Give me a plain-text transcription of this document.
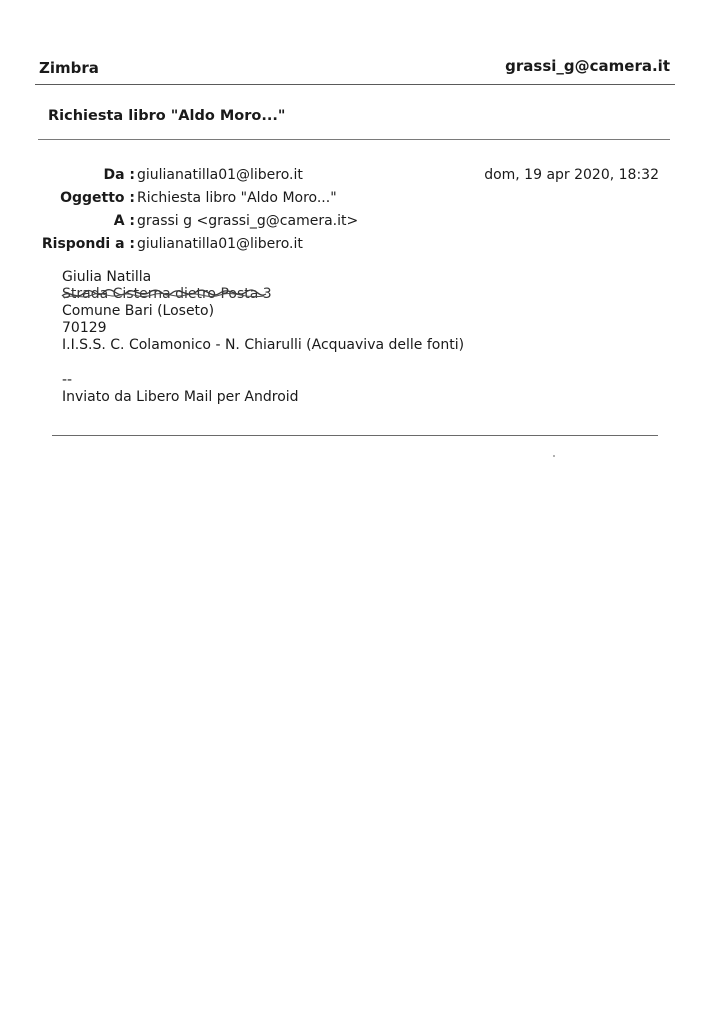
Zimbra	grassi_g@camera.it
Richiesta libro "Aldo Moro..."
Da : giulianatilla01@libero.it	dom, 19 apr 2020, 18:32
Oggetto : Richiesta libro "Aldo Moro..."
A : grassi g <grassi_g@camera.it>
Rispondi a : giulianatilla01@libero.it
Giulia Natilla
Strada Cisterna dietro Posta 3
Comune Bari (Loseto)
70129
I.I.S.S. C. Colamonico - N. Chiarulli (Acquaviva delle fonti)
--
Inviato da Libero Mail per Android
